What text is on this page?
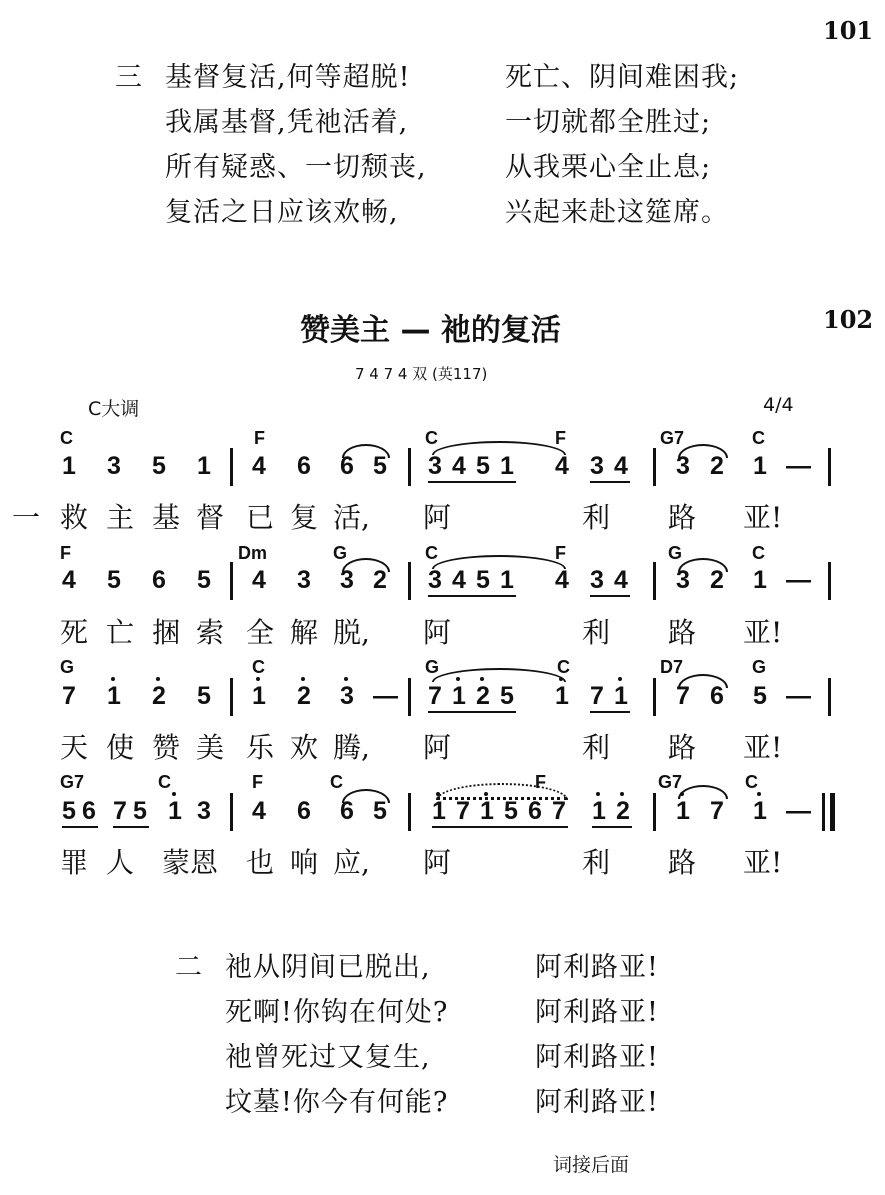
101
102
三 基督复活,何等超脱!	死亡、阴间难困我;
我属基督,凭祂活着,	一切就都全胜过;
所有疑惑、一切颓丧,	从我栗心全止息;
复活之日应该欢畅,	兴起来赴这筵席。
赞美主 — 祂的复活
7 4 7 4 双 (英117)
C大调	4/4
C	F	C	F	G7	C
1 3 5 1 4 6 6 5 3 4 5 1 4 3 4 3 2 1 —
一 救 主 基 督 已 复 活, 阿	利 路 亚!
F	Dm	G	C	F	G	C
4 5 6 5 4 3 3 2 3 4 5 1 4 3 4 3 2 1 —
死 亡 捆 索 全 解 脱, 阿	利 路 亚!
G	C	G	C	D7	G
7 1 2 5 1 2 3 — 7 1 2 5 1 7 1 7 6 5 —
天 使 赞 美 乐 欢 腾, 阿	利 路 亚!
G7	C	F	C	F	G7	C
5 6 7 5 1 3 4 6 6 5 1 7 1 5 6 7 1 2 1 7 1 —
罪 人 蒙恩 也 响 应, 阿	利 路 亚!
二 祂从阴间已脱出,	阿利路亚!
死啊!你钩在何处?	阿利路亚!
祂曾死过又复生,	阿利路亚!
坟墓!你今有何能?	阿利路亚!
词接后面
